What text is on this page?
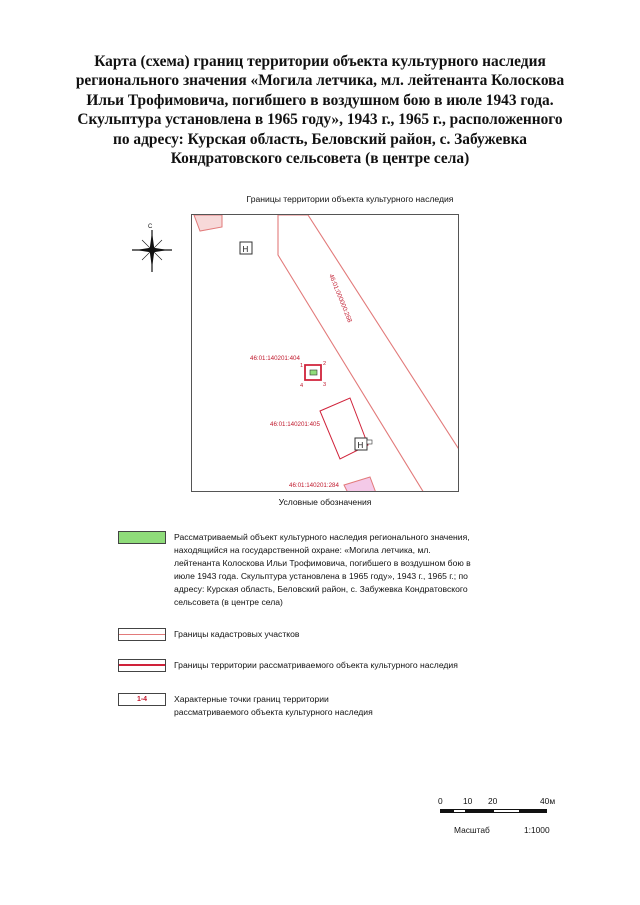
Карта (схема) границ территории объекта культурного наследия
регионального значения «Могила летчика, мл. лейтенанта Колоскова
Ильи Трофимовича, погибшего в воздушном бою в июле 1943 года.
Скульптура установлена в 1965 году», 1943 г., 1965 г., расположенного
по адресу: Курская область, Беловский район, с. Забужевка
Кондратовского сельсовета (в центре села)
Границы территории объекта культурного наследия
С
46:01:000000:268
Н
46:01:140201:404
1	2
3
4
46:01:140201:405
Н
46:01:140201:284
Условные обозначения
Рассматриваемый объект культурного наследия регионального значения,
находящийся на государственной охране: «Могила летчика, мл.
лейтенанта Колоскова Ильи Трофимовича, погибшего в воздушном бою в
июле 1943 года. Скульптура установлена в 1965 году», 1943 г., 1965 г.; по
адресу: Курская область, Беловский район, с. Забужевка Кондратовского
сельсовета (в центре села)
Границы кадастровых участков
Границы территории рассматриваемого объекта культурного наследия
1-4	Характерные точки границ территории
рассматриваемого объекта культурного наследия
0 10 20	40м
Масштаб	1:1000
